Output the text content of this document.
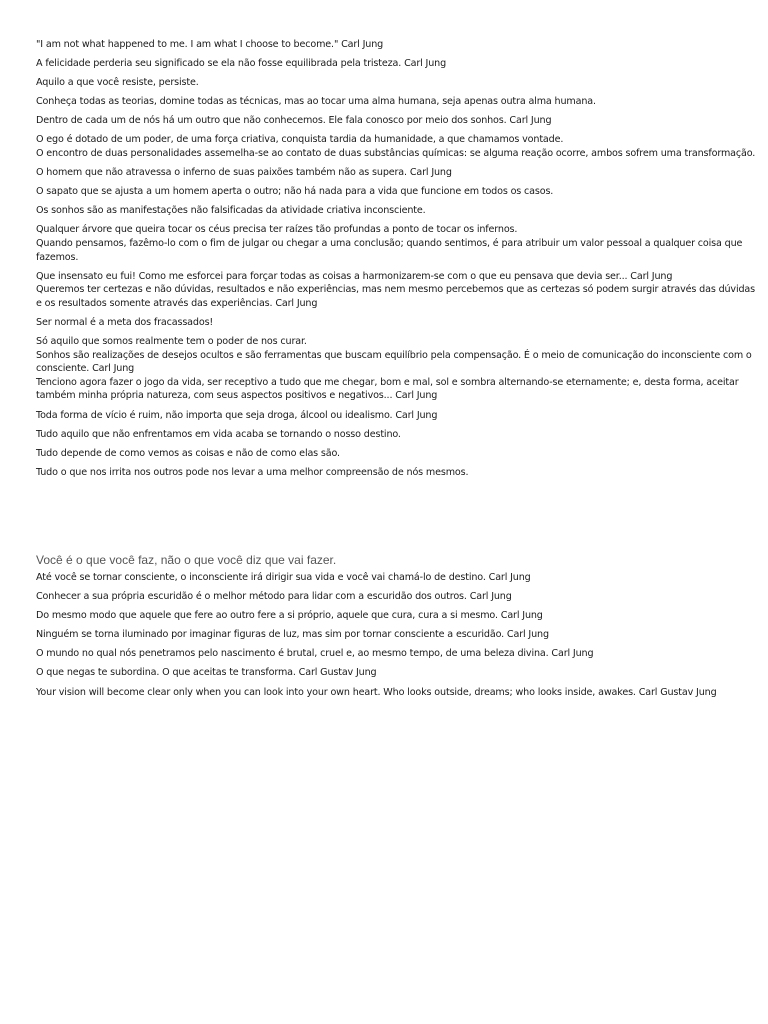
"I am not what happened to me. I am what I choose to become." Carl Jung

A felicidade perderia seu significado se ela não fosse equilibrada pela tristeza. Carl Jung

Aquilo a que você resiste, persiste.

Conheça todas as teorias, domine todas as técnicas, mas ao tocar uma alma humana, seja apenas outra alma humana.

Dentro de cada um de nós há um outro que não conhecemos. Ele fala conosco por meio dos sonhos. Carl Jung

O ego é dotado de um poder, de uma força criativa, conquista tardia da humanidade, a que chamamos vontade.

O encontro de duas personalidades assemelha-se ao contato de duas substâncias químicas: se alguma reação ocorre, ambos sofrem uma transformação.

O homem que não atravessa o inferno de suas paixões também não as supera. Carl Jung

O sapato que se ajusta a um homem aperta o outro; não há nada para a vida que funcione em todos os casos.

Os sonhos são as manifestações não falsificadas da atividade criativa inconsciente.

Qualquer árvore que queira tocar os céus precisa ter raízes tão profundas a ponto de tocar os infernos.

Quando pensamos, fazêmo-lo com o fim de julgar ou chegar a uma conclusão; quando sentimos, é para atribuir um valor pessoal a qualquer coisa que fazemos.

Que insensato eu fui! Como me esforcei para forçar todas as coisas a harmonizarem-se com o que eu pensava que devia ser... Carl Jung

Queremos ter certezas e não dúvidas, resultados e não experiências, mas nem mesmo percebemos que as certezas só podem surgir através das dúvidas e os resultados somente através das experiências. Carl Jung

Ser normal é a meta dos fracassados!

Só aquilo que somos realmente tem o poder de nos curar.

Sonhos são realizações de desejos ocultos e são ferramentas que buscam equilíbrio pela compensação. É o meio de comunicação do inconsciente com o consciente. Carl Jung

Tenciono agora fazer o jogo da vida, ser receptivo a tudo que me chegar, bom e mal, sol e sombra alternando-se eternamente; e, desta forma, aceitar também minha própria natureza, com seus aspectos positivos e negativos... Carl Jung

Toda forma de vício é ruim, não importa que seja droga, álcool ou idealismo. Carl Jung

Tudo aquilo que não enfrentamos em vida acaba se tornando o nosso destino.

Tudo depende de como vemos as coisas e não de como elas são.

Tudo o que nos irrita nos outros pode nos levar a uma melhor compreensão de nós mesmos.

Você é o que você faz, não o que você diz que vai fazer.

Até você se tornar consciente, o inconsciente irá dirigir sua vida e você vai chamá-lo de destino. Carl Jung

Conhecer a sua própria escuridão é o melhor método para lidar com a escuridão dos outros. Carl Jung

Do mesmo modo que aquele que fere ao outro fere a si próprio, aquele que cura, cura a si mesmo. Carl Jung

Ninguém se torna iluminado por imaginar figuras de luz, mas sim por tornar consciente a escuridão. Carl Jung

O mundo no qual nós penetramos pelo nascimento é brutal, cruel e, ao mesmo tempo, de uma beleza divina. Carl Jung

O que negas te subordina. O que aceitas te transforma. Carl Gustav Jung

Your vision will become clear only when you can look into your own heart. Who looks outside, dreams; who looks inside, awakes. Carl Gustav Jung
